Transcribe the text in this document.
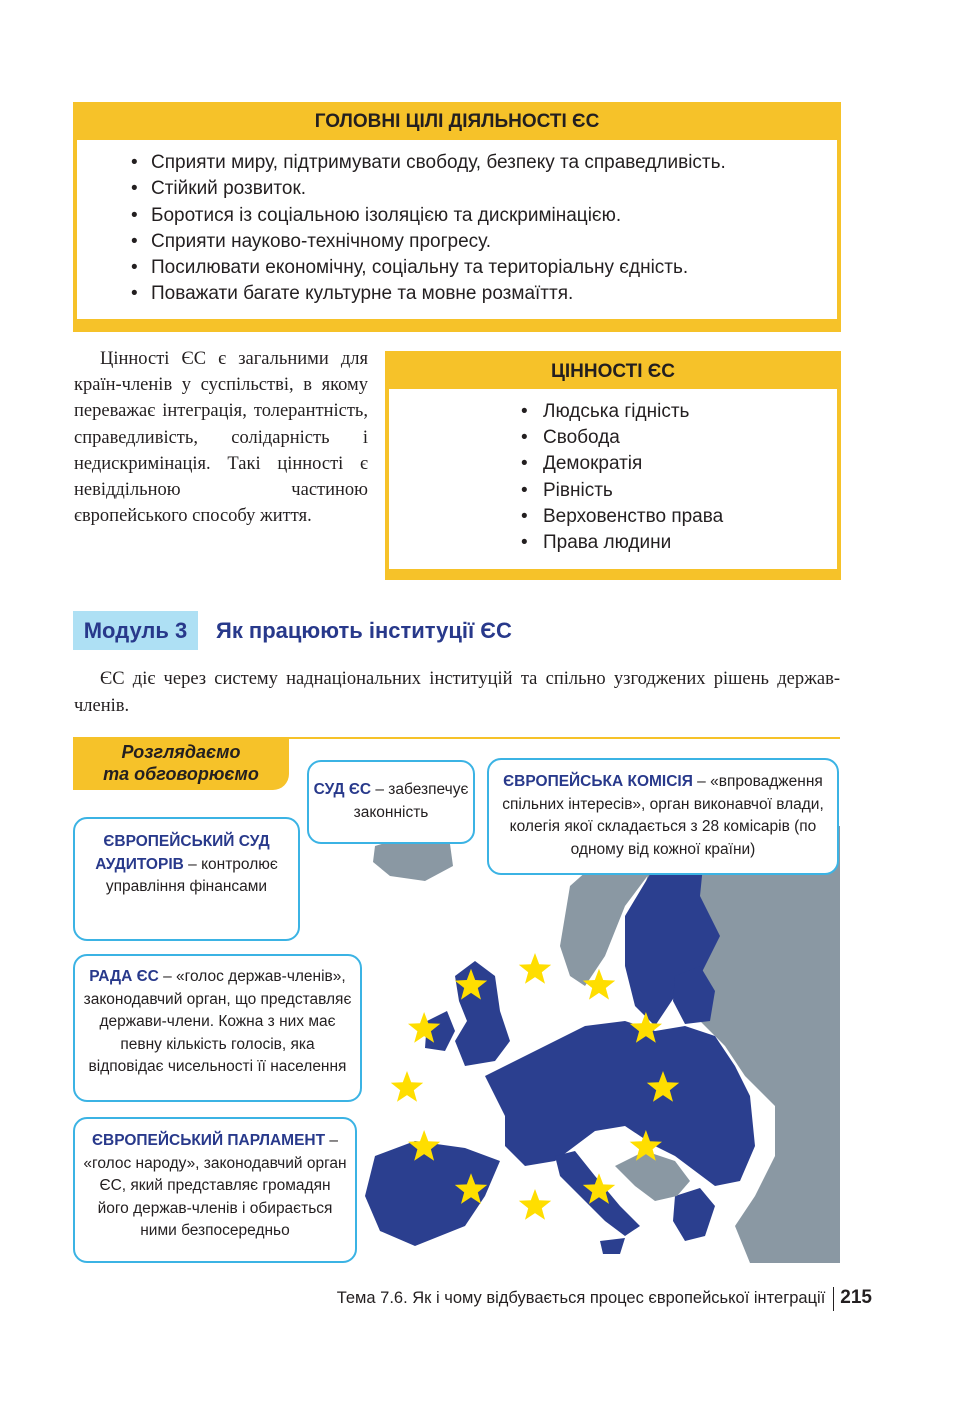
ГОЛОВНІ ЦІЛІ ДІЯЛЬНОСТІ ЄС
• Сприяти миру, підтримувати свободу, безпеку та справедливість.
• Стійкий розвиток.
• Боротися із соціальною ізоляцією та дискримінацією.
• Сприяти науково-технічному прогресу.
• Посилювати економічну, соціальну та територіальну єдність.
• Поважати багате культурне та мовне розмаїття.

Цінності ЄС є загальними для країн-членів у суспільстві, в якому переважає інтеграція, толерантність, справедливість, солідарність і недискримінація. Такі цінності є невіддільною частиною європейського способу життя.

ЦІННОСТІ ЄС
• Людська гідність
• Свобода
• Демократія
• Рівність
• Верховенство права
• Права людини
Модуль 3	Як працюють інституції ЄС

ЄС діє через систему наднаціональних інституцій та спільно узгоджених рішень держав-членів.

Розглядаємо
та обговорюємо
СУД ЄС – забезпечує законність
ЄВРОПЕЙСЬКА КОМІСІЯ – «впровадження спільних інтересів», орган виконавчої влади, колегія якої складається з 28 комісарів (по одному від кожної країни)
ЄВРОПЕЙСЬКИЙ СУД АУДИТОРІВ – контролює управління фінансами
РАДА ЄС – «голос держав-членів», законодавчий орган, що представляє держави-члени. Кожна з них має певну кількість голосів, яка відповідає чисельності її населення
ЄВРОПЕЙСЬКИЙ ПАРЛАМЕНТ – «голос народу», законодавчий орган ЄС, який представляє громадян його держав-членів і обирається ними безпосередньо
Тема 7.6. Як і чому відбувається процес європейської інтеграції 215
